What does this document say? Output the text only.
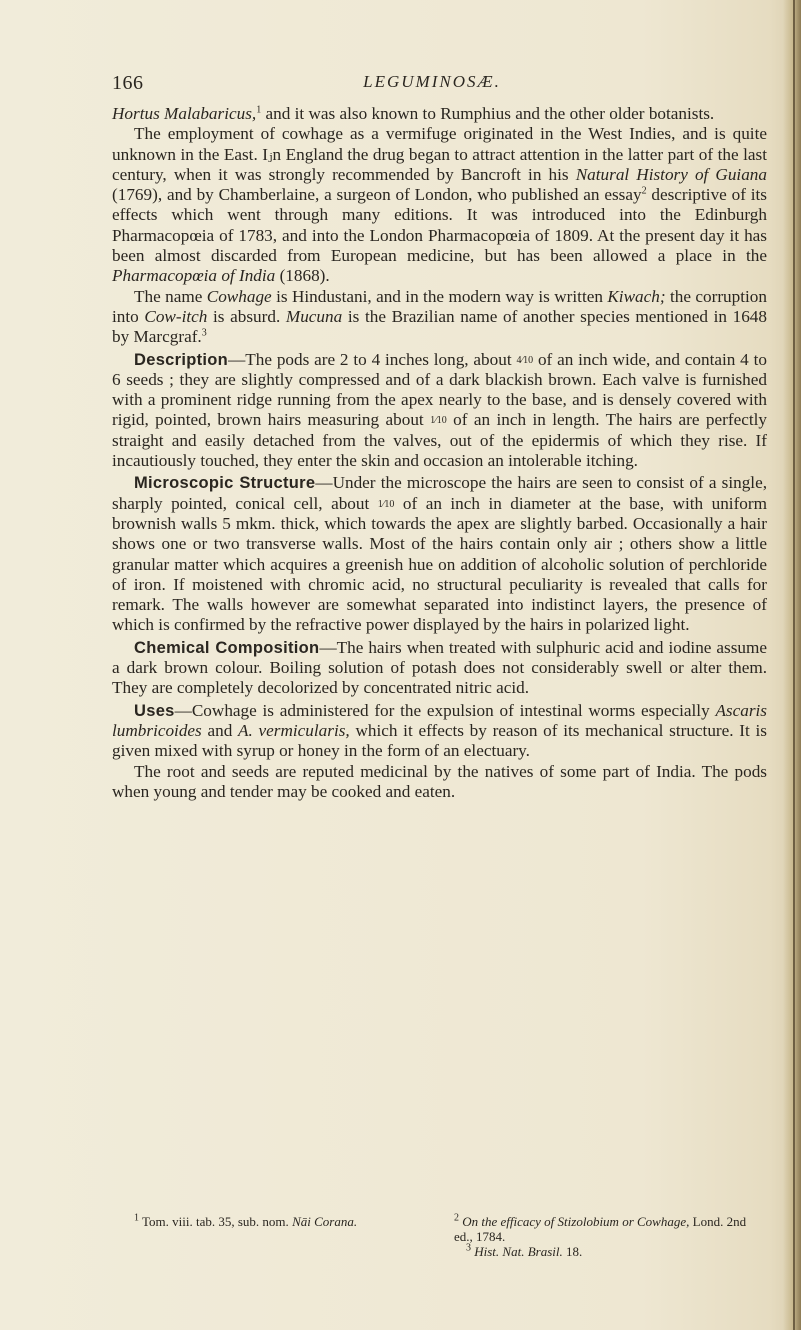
166	LEGUMINOSÆ.

Hortus Malabaricus,$^1$ and it was also known to Rumphius and the other older botanists.

The employment of cowhage as a vermifuge originated in the West Indies, and is quite unknown in the East. Iⱼn England the drug began to attract attention in the latter part of the last century, when it was strongly recommended by Bancroft in his Natural History of Guiana (1769), and by Chamberlaine, a surgeon of London, who published an essay$^2$ descriptive of its effects which went through many editions. It was introduced into the Edinburgh Pharmacopœia of 1783, and into the London Pharmacopœia of 1809. At the present day it has been almost discarded from European medicine, but has been allowed a place in the Pharmacopœia of India (1868).

The name Cowhage is Hindustani, and in the modern way is written Kiwach; the corruption into Cow-itch is absurd. Mucuna is the Brazilian name of another species mentioned in 1648 by Marcgraf.$^3$

Description—The pods are 2 to 4 inches long, about 4⁄10 of an inch wide, and contain 4 to 6 seeds ; they are slightly compressed and of a dark blackish brown. Each valve is furnished with a prominent ridge running from the apex nearly to the base, and is densely covered with rigid, pointed, brown hairs measuring about 1⁄10 of an inch in length. The hairs are perfectly straight and easily detached from the valves, out of the epidermis of which they rise. If incautiously touched, they enter the skin and occasion an intolerable itching.

Microscopic Structure—Under the microscope the hairs are seen to consist of a single, sharply pointed, conical cell, about 1⁄10 of an inch in diameter at the base, with uniform brownish walls 5 mkm. thick, which towards the apex are slightly barbed. Occasionally a hair shows one or two transverse walls. Most of the hairs contain only air ; others show a little granular matter which acquires a greenish hue on addition of alcoholic solution of perchloride of iron. If moistened with chromic acid, no structural peculiarity is revealed that calls for remark. The walls however are somewhat separated into indistinct layers, the presence of which is confirmed by the refractive power displayed by the hairs in polarized light.

Chemical Composition—The hairs when treated with sulphuric acid and iodine assume a dark brown colour. Boiling solution of potash does not considerably swell or alter them. They are completely decolorized by concentrated nitric acid.

Uses—Cowhage is administered for the expulsion of intestinal worms especially Ascaris lumbricoides and A. vermicularis, which it effects by reason of its mechanical structure. It is given mixed with syrup or honey in the form of an electuary.

The root and seeds are reputed medicinal by the natives of some part of India. The pods when young and tender may be cooked and eaten.

$^1$ Tom. viii. tab. 35, sub. nom. Nāi Corana.	$^2$ On the efficacy of Stizolobium or Cowhage, Lond. 2nd ed., 1784.
$^3$ Hist. Nat. Brasil. 18.
